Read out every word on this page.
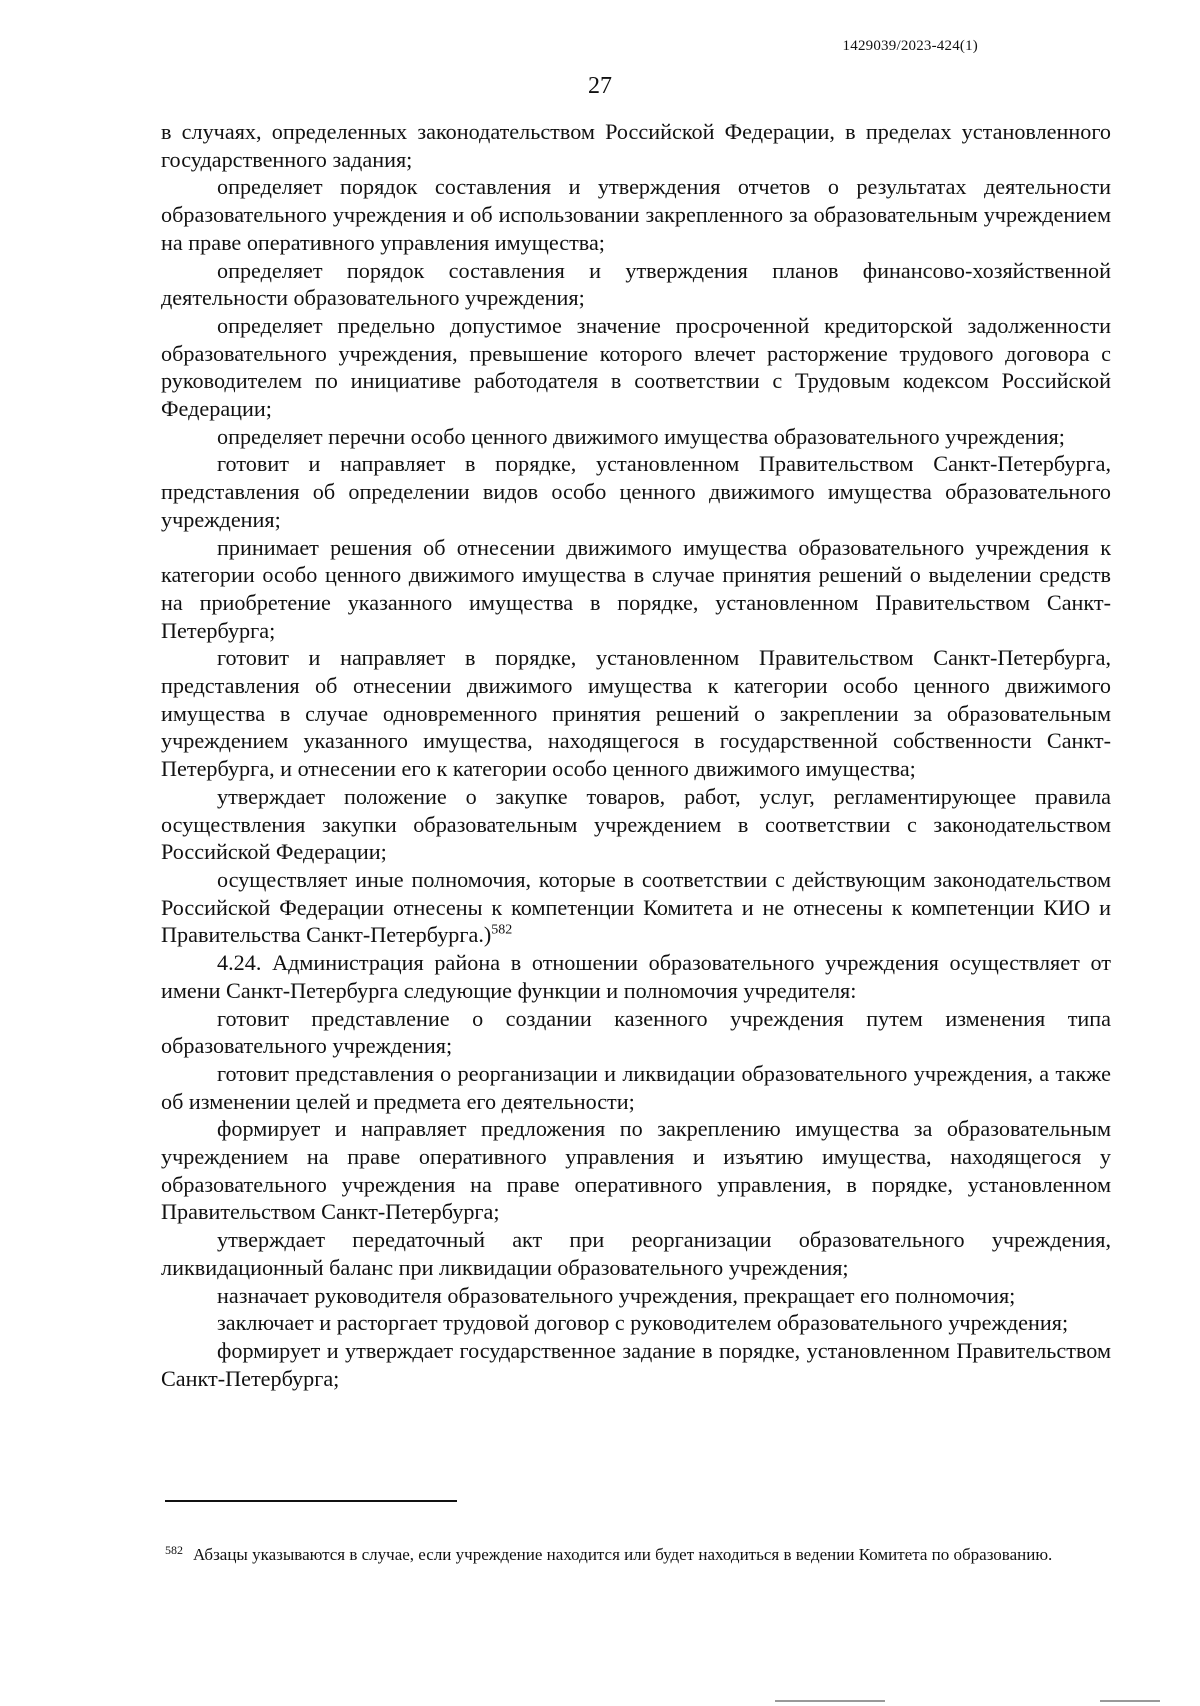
1429039/2023-424(1)
27

в случаях, определенных законодательством Российской Федерации, в пределах установленного государственного задания;

определяет порядок составления и утверждения отчетов о результатах деятельности образовательного учреждения и об использовании закрепленного за образовательным учреждением на праве оперативного управления имущества;

определяет порядок составления и утверждения планов финансово-хозяйственной деятельности образовательного учреждения;

определяет предельно допустимое значение просроченной кредиторской задолженности образовательного учреждения, превышение которого влечет расторжение трудового договора с руководителем по инициативе работодателя в соответствии с Трудовым кодексом Российской Федерации;

определяет перечни особо ценного движимого имущества образовательного учреждения;

готовит и направляет в порядке, установленном Правительством Санкт-Петербурга, представления об определении видов особо ценного движимого имущества образовательного учреждения;

принимает решения об отнесении движимого имущества образовательного учреждения к категории особо ценного движимого имущества в случае принятия решений о выделении средств на приобретение указанного имущества в порядке, установленном Правительством Санкт-Петербурга;

готовит и направляет в порядке, установленном Правительством Санкт-Петербурга, представления об отнесении движимого имущества к категории особо ценного движимого имущества в случае одновременного принятия решений о закреплении за образовательным учреждением указанного имущества, находящегося в государственной собственности Санкт-Петербурга, и отнесении его к категории особо ценного движимого имущества;

утверждает положение о закупке товаров, работ, услуг, регламентирующее правила осуществления закупки образовательным учреждением в соответствии с законодательством Российской Федерации;

осуществляет иные полномочия, которые в соответствии с действующим законодательством Российской Федерации отнесены к компетенции Комитета и не отнесены к компетенции КИО и Правительства Санкт-Петербурга.)$^{582}$

4.24. Администрация района в отношении образовательного учреждения осуществляет от имени Санкт-Петербурга следующие функции и полномочия учредителя:

готовит представление о создании казенного учреждения путем изменения типа образовательного учреждения;

готовит представления о реорганизации и ликвидации образовательного учреждения, а также об изменении целей и предмета его деятельности;

формирует и направляет предложения по закреплению имущества за образовательным учреждением на праве оперативного управления и изъятию имущества, находящегося у образовательного учреждения на праве оперативного управления, в порядке, установленном Правительством Санкт-Петербурга;

утверждает передаточный акт при реорганизации образовательного учреждения, ликвидационный баланс при ликвидации образовательного учреждения;

назначает руководителя образовательного учреждения, прекращает его полномочия;

заключает и расторгает трудовой договор с руководителем образовательного учреждения;

формирует и утверждает государственное задание в порядке, установленном Правительством Санкт-Петербурга;

582 Абзацы указываются в случае, если учреждение находится или будет находиться в ведении Комитета по образованию.
